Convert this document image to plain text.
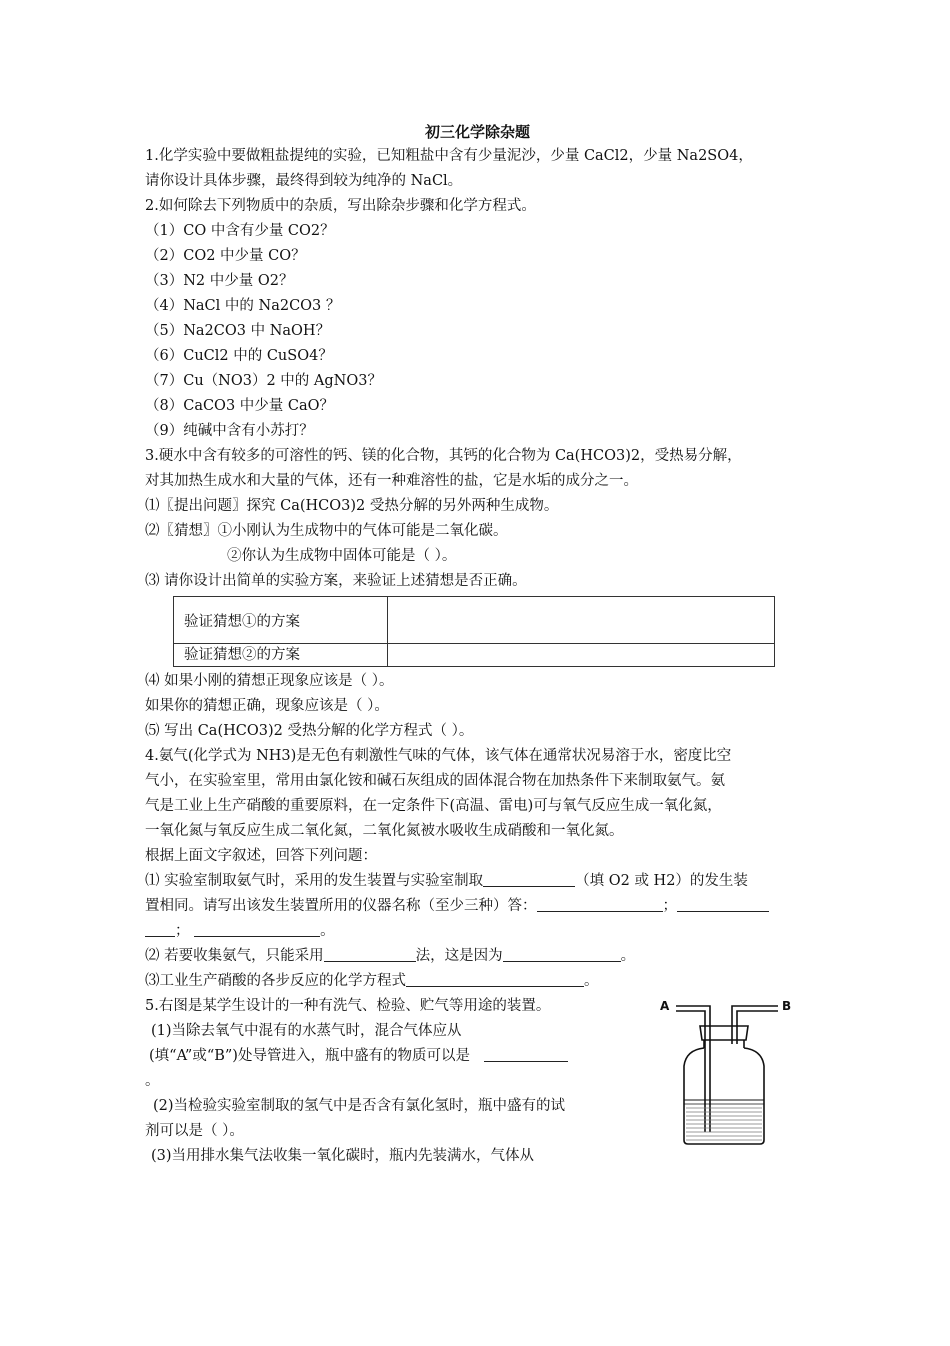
初三化学除杂题
1.化学实验中要做粗盐提纯的实验，已知粗盐中含有少量泥沙，少量 CaCl2，少量 Na2SO4，
请你设计具体步骤，最终得到较为纯净的 NaCl。
2.如何除去下列物质中的杂质，写出除杂步骤和化学方程式。
（1）CO 中含有少量 CO2？
（2）CO2 中少量 CO？
（3）N2 中少量 O2？
（4）NaCl 中的 Na2CO3 ？
（5）Na2CO3 中 NaOH？
（6）CuCl2 中的 CuSO4？
（7）Cu（NO3）2 中的 AgNO3？
（8）CaCO3 中少量 CaO？
（9）纯碱中含有小苏打？
3.硬水中含有较多的可溶性的钙、镁的化合物，其钙的化合物为 Ca(HCO3)2，受热易分解，
对其加热生成水和大量的气体，还有一种难溶性的盐，它是水垢的成分之一。
⑴〖提出问题〗探究 Ca(HCO3)2 受热分解的另外两种生成物。
⑵〖猜想〗①小刚认为生成物中的气体可能是二氧化碳。
②你认为生成物中固体可能是（ ）。
⑶ 请你设计出简单的实验方案，来验证上述猜想是否正确。
验证猜想①的方案	
验证猜想②的方案	
⑷ 如果小刚的猜想正现象应该是（ ）。
如果你的猜想正确，现象应该是（ ）。
⑸ 写出 Ca(HCO3)2 受热分解的化学方程式（ ）。
4.氨气(化学式为 NH3)是无色有刺激性气味的气体，该气体在通常状况易溶于水，密度比空
气小，在实验室里，常用由氯化铵和碱石灰组成的固体混合物在加热条件下来制取氨气。氨
气是工业上生产硝酸的重要原料，在一定条件下(高温、雷电)可与氧气反应生成一氧化氮，
一氧化氮与氧反应生成二氧化氮，二氧化氮被水吸收生成硝酸和一氧化氮。
根据上面文字叙述，回答下列问题：
⑴ 实验室制取氨气时，采用的发生装置与实验室制取	（填 O2 或 H2）的发生装
置相同。请写出该发生装置所用的仪器名称（至少三种）答：	；
；	。
⑵ 若要收集氨气，只能采用	法，这是因为	。
⑶工业生产硝酸的各步反应的化学方程式	。
5.右图是某学生设计的一种有洗气、检验、贮气等用途的装置。
(1)当除去氧气中混有的水蒸气时，混合气体应从
(填“A”或“B”)处导管进入，瓶中盛有的物质可以是
。
(2)当检验实验室制取的氢气中是否含有氯化氢时，瓶中盛有的试
剂可以是（ ）。
(3)当用排水集气法收集一氧化碳时，瓶内先装满水，气体从
A	B
